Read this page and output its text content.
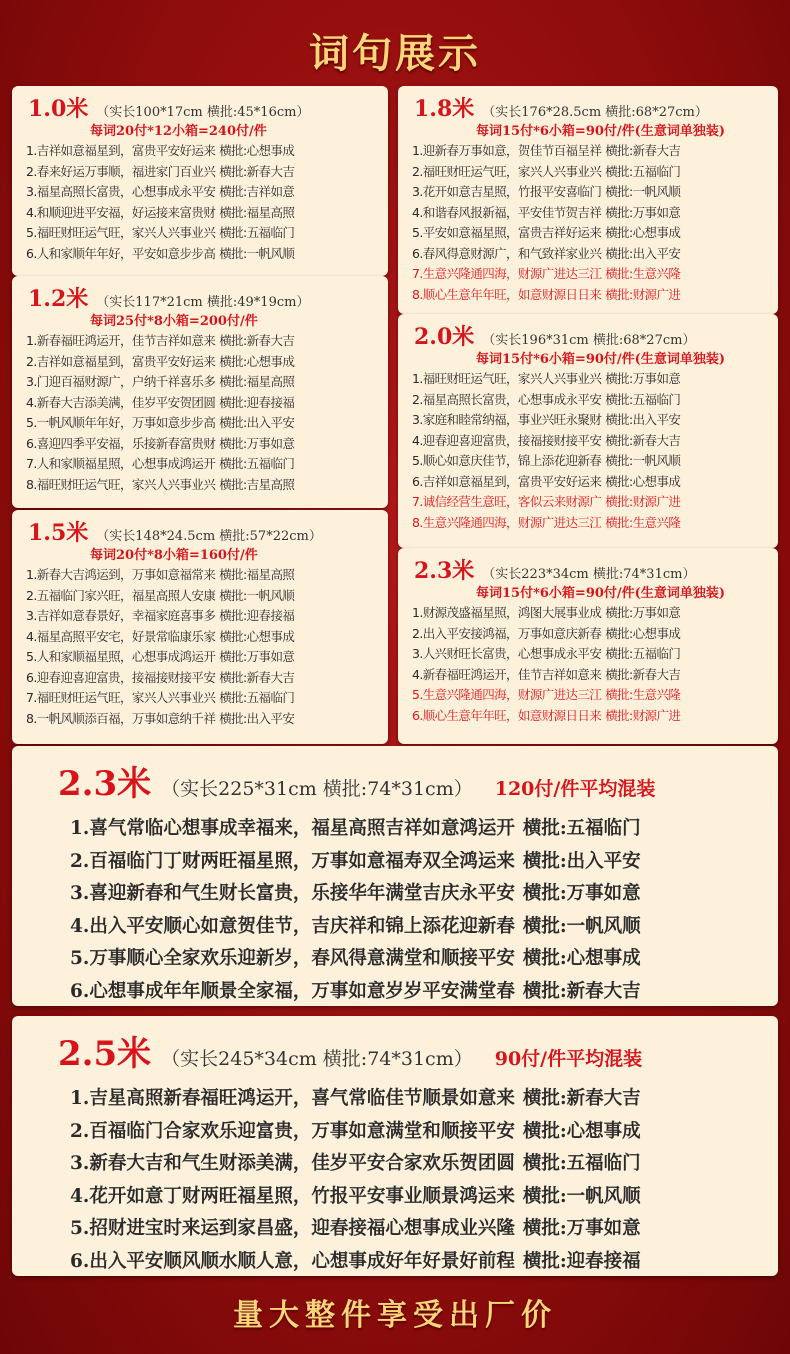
词句展示
1.0米 （实长100*17cm 横批:45*16cm）
每词20付*12小箱=240付/件
1.吉祥如意福星到，富贵平安好运来 横批:心想事成
2.春来好运万事顺，福进家门百业兴 横批:新春大吉
3.福星高照长富贵，心想事成永平安 横批:吉祥如意
4.和顺迎进平安福，好运接来富贵财 横批:福星高照
5.福旺财旺运气旺，家兴人兴事业兴 横批:五福临门
6.人和家顺年年好，平安如意步步高 横批:一帆风顺
1.2米 （实长117*21cm 横批:49*19cm）
每词25付*8小箱=200付/件
1.新春福旺鸿运开，佳节吉祥如意来 横批:新春大吉
2.吉祥如意福星到，富贵平安好运来 横批:心想事成
3.门迎百福财源广，户纳千祥喜乐多 横批:福星高照
4.新春大吉添美满，佳岁平安贺团圆 横批:迎春接福
5.一帆风顺年年好，万事如意步步高 横批:出入平安
6.喜迎四季平安福，乐接新春富贵财 横批:万事如意
7.人和家顺福星照，心想事成鸿运开 横批:五福临门
8.福旺财旺运气旺，家兴人兴事业兴 横批:吉星高照
1.5米 （实长148*24.5cm 横批:57*22cm）
每词20付*8小箱=160付/件
1.新春大吉鸿运到，万事如意福常来 横批:福星高照
2.五福临门家兴旺，福星高照人安康 横批:一帆风顺
3.吉祥如意春景好，幸福家庭喜事多 横批:迎春接福
4.福星高照平安宅，好景常临康乐家 横批:心想事成
5.人和家顺福星照，心想事成鸿运开 横批:万事如意
6.迎春迎喜迎富贵，接福接财接平安 横批:新春大吉
7.福旺财旺运气旺，家兴人兴事业兴 横批:五福临门
8.一帆风顺添百福，万事如意纳千祥 横批:出入平安
1.8米 （实长176*28.5cm 横批:68*27cm）
每词15付*6小箱=90付/件(生意词单独装)
1.迎新春万事如意，贺佳节百福呈祥 横批:新春大吉
2.福旺财旺运气旺，家兴人兴事业兴 横批:五福临门
3.花开如意吉星照，竹报平安喜临门 横批:一帆风顺
4.和谐春风报新福，平安佳节贺吉祥 横批:万事如意
5.平安如意福星照，富贵吉祥好运来 横批:心想事成
6.春风得意财源广，和气致祥家业兴 横批:出入平安
7.生意兴隆通四海，财源广进达三江 横批:生意兴隆
8.顺心生意年年旺，如意财源日日来 横批:财源广进
2.0米 （实长196*31cm 横批:68*27cm）
每词15付*6小箱=90付/件(生意词单独装)
1.福旺财旺运气旺，家兴人兴事业兴 横批:万事如意
2.福星高照长富贵，心想事成永平安 横批:五福临门
3.家庭和睦常纳福，事业兴旺永聚财 横批:出入平安
4.迎春迎喜迎富贵，接福接财接平安 横批:新春大吉
5.顺心如意庆佳节，锦上添花迎新春 横批:一帆风顺
6.吉祥如意福星到，富贵平安好运来 横批:心想事成
7.诚信经营生意旺，客似云来财源广 横批:财源广进
8.生意兴隆通四海，财源广进达三江 横批:生意兴隆
2.3米 （实长223*34cm 横批:74*31cm）
每词15付*6小箱=90付/件(生意词单独装)
1.财源茂盛福星照，鸿图大展事业成 横批:万事如意
2.出入平安接鸿福，万事如意庆新春 横批:心想事成
3.人兴财旺长富贵，心想事成永平安 横批:五福临门
4.新春福旺鸿运开，佳节吉祥如意来 横批:新春大吉
5.生意兴隆通四海，财源广进达三江 横批:生意兴隆
6.顺心生意年年旺，如意财源日日来 横批:财源广进
2.3米 （实长225*31cm 横批:74*31cm） 120付/件平均混装
1.喜气常临心想事成幸福来，福星高照吉祥如意鸿运开 横批:五福临门
2.百福临门丁财两旺福星照，万事如意福寿双全鸿运来 横批:出入平安
3.喜迎新春和气生财长富贵，乐接华年满堂吉庆永平安 横批:万事如意
4.出入平安顺心如意贺佳节，吉庆祥和锦上添花迎新春 横批:一帆风顺
5.万事顺心全家欢乐迎新岁，春风得意满堂和顺接平安 横批:心想事成
6.心想事成年年顺景全家福，万事如意岁岁平安满堂春 横批:新春大吉
2.5米 （实长245*34cm 横批:74*31cm） 90付/件平均混装
1.吉星高照新春福旺鸿运开，喜气常临佳节顺景如意来 横批:新春大吉
2.百福临门合家欢乐迎富贵，万事如意满堂和顺接平安 横批:心想事成
3.新春大吉和气生财添美满，佳岁平安合家欢乐贺团圆 横批:五福临门
4.花开如意丁财两旺福星照，竹报平安事业顺景鸿运来 横批:一帆风顺
5.招财进宝时来运到家昌盛，迎春接福心想事成业兴隆 横批:万事如意
6.出入平安顺风顺水顺人意，心想事成好年好景好前程 横批:迎春接福
量大整件享受出厂价
